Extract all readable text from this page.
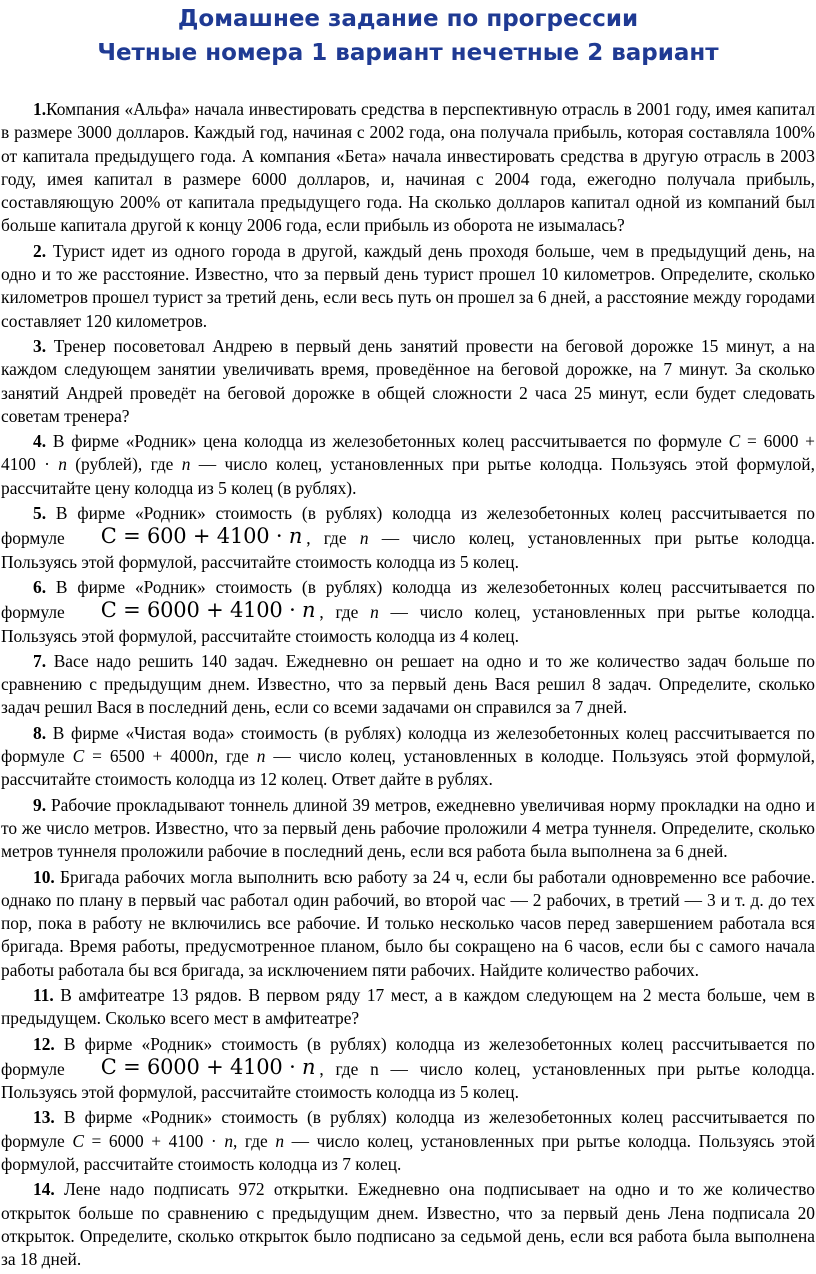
Домашнее задание по прогрессии
Четные номера 1 вариант нечетные 2 вариант

1.Компания «Альфа» начала инвестировать средства в перспективную отрасль в 2001 году, имея капитал в размере 3000 долларов. Каждый год, начиная с 2002 года, она получала прибыль, которая составляла 100% от капитала предыдущего года. А компания «Бета» начала инвестировать средства в другую отрасль в 2003 году, имея капитал в размере 6000 долларов, и, начиная с 2004 года, ежегодно получала прибыль, составляющую 200% от капитала предыдущего года. На сколько долларов капитал одной из компаний был больше капитала другой к концу 2006 года, если прибыль из оборота не изымалась?

2. Турист идет из одного города в другой, каждый день проходя больше, чем в предыдущий день, на одно и то же расстояние. Известно, что за первый день турист прошел 10 километров. Определите, сколько километров прошел турист за третий день, если весь путь он прошел за 6 дней, а расстояние между городами составляет 120 километров.

3. Тренер посоветовал Андрею в первый день занятий провести на беговой дорожке 15 минут, а на каждом следующем занятии увеличивать время, проведённое на беговой дорожке, на 7 минут. За сколько занятий Андрей проведёт на беговой дорожке в общей сложности 2 часа 25 минут, если будет следовать советам тренера?

4. В фирме «Родник» цена колодца из железобетонных колец рассчитывается по формуле C = 6000 + 4100 · n (рублей), где n — число колец, установленных при рытье колодца. Пользуясь этой формулой, рассчитайте цену колодца из 5 колец (в рублях).

5. В фирме «Родник» стоимость (в рублях) колодца из железобетонных колец рассчитывается по формуле C = 600 + 4100 · n , где n — число колец, установленных при рытье колодца. Пользуясь этой формулой, рассчитайте стоимость колодца из 5 колец.

6. В фирме «Родник» стоимость (в рублях) колодца из железобетонных колец рассчитывается по формуле C = 6000 + 4100 · n , где n — число колец, установленных при рытье колодца. Пользуясь этой формулой, рассчитайте стоимость колодца из 4 колец.

7. Васе надо решить 140 задач. Ежедневно он решает на одно и то же количество задач больше по сравнению с предыдущим днем. Известно, что за первый день Вася решил 8 задач. Определите, сколько задач решил Вася в последний день, если со всеми задачами он справился за 7 дней.

8. В фирме «Чистая вода» стоимость (в рублях) колодца из железобетонных колец рассчитывается по формуле C = 6500 + 4000n, где n — число колец, установленных в колодце. Пользуясь этой формулой, рассчитайте стоимость колодца из 12 колец. Ответ дайте в рублях.

9. Рабочие прокладывают тоннель длиной 39 метров, ежедневно увеличивая норму прокладки на одно и то же число метров. Известно, что за первый день рабочие проложили 4 метра туннеля. Определите, сколько метров туннеля проложили рабочие в последний день, если вся работа была выполнена за 6 дней.

10. Бригада рабочих могла выполнить всю работу за 24 ч, если бы работали одновременно все рабочие. однако по плану в первый час работал один рабочий, во второй час — 2 рабочих, в третий — 3 и т. д. до тех пор, пока в работу не включились все рабочие. И только несколько часов перед завершением работала вся бригада. Время работы, предусмотренное планом, было бы сокращено на 6 часов, если бы с самого начала работы работала бы вся бригада, за исключением пяти рабочих. Найдите количество рабочих.

11. В амфитеатре 13 рядов. В первом ряду 17 мест, а в каждом следующем на 2 места больше, чем в предыдущем. Сколько всего мест в амфитеатре?

12. В фирме «Родник» стоимость (в рублях) колодца из железобетонных колец рассчитывается по формуле C = 6000 + 4100 · n , где n — число колец, установленных при рытье колодца. Пользуясь этой формулой, рассчитайте стоимость колодца из 5 колец.

13. В фирме «Родник» стоимость (в рублях) колодца из железобетонных колец рассчитывается по формуле C = 6000 + 4100 · n, где n — число колец, установленных при рытье колодца. Пользуясь этой формулой, рассчитайте стоимость колодца из 7 колец.

14. Лене надо подписать 972 открытки. Ежедневно она подписывает на одно и то же количество открыток больше по сравнению с предыдущим днем. Известно, что за первый день Лена подписала 20 открыток. Определите, сколько открыток было подписано за седьмой день, если вся работа была выполнена за 18 дней.
